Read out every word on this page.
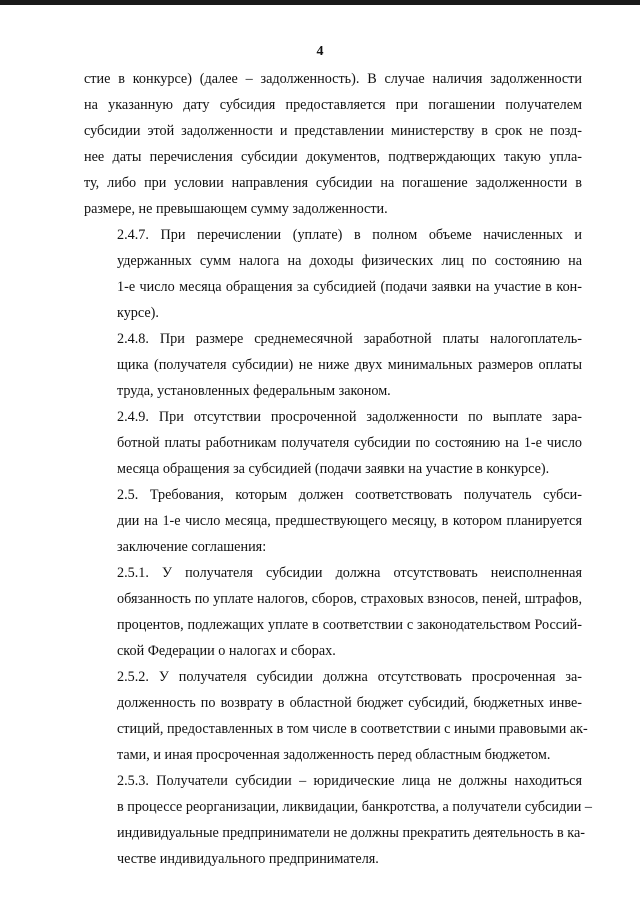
4

стие в конкурсе) (далее – задолженность). В случае наличия задолженности
на указанную дату субсидия предоставляется при погашении получателем
субсидии этой задолженности и представлении министерству в срок не позд-
нее даты перечисления субсидии документов, подтверждающих такую упла-
ту, либо при условии направления субсидии на погашение задолженности в
размере, не превышающем сумму задолженности.

2.4.7. При перечислении (уплате) в полном объеме начисленных и
удержанных сумм налога на доходы физических лиц по состоянию на
1-е число месяца обращения за субсидией (подачи заявки на участие в кон-
курсе).

2.4.8. При размере среднемесячной заработной платы налогоплатель-
щика (получателя субсидии) не ниже двух минимальных размеров оплаты
труда, установленных федеральным законом.

2.4.9. При отсутствии просроченной задолженности по выплате зара-
ботной платы работникам получателя субсидии по состоянию на 1-е число
месяца обращения за субсидией (подачи заявки на участие в конкурсе).

2.5. Требования, которым должен соответствовать получатель субси-
дии на 1-е число месяца, предшествующего месяцу, в котором планируется
заключение соглашения:

2.5.1. У получателя субсидии должна отсутствовать неисполненная
обязанность по уплате налогов, сборов, страховых взносов, пеней, штрафов,
процентов, подлежащих уплате в соответствии с законодательством Россий-
ской Федерации о налогах и сборах.

2.5.2. У получателя субсидии должна отсутствовать просроченная за-
долженность по возврату в областной бюджет субсидий, бюджетных инве-
стиций, предоставленных в том числе в соответствии с иными правовыми ак-
тами, и иная просроченная задолженность перед областным бюджетом.

2.5.3. Получатели субсидии – юридические лица не должны находиться
в процессе реорганизации, ликвидации, банкротства, а получатели субсидии –
индивидуальные предприниматели не должны прекратить деятельность в ка-
честве индивидуального предпринимателя.
